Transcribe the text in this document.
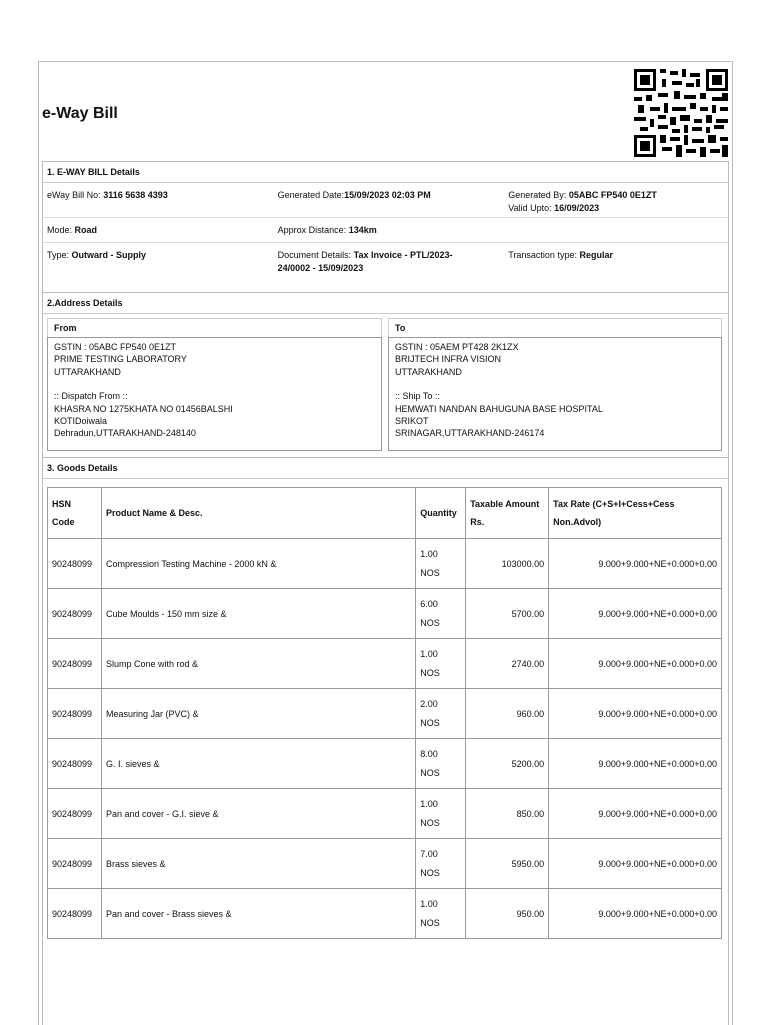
e-Way Bill
1. E-WAY BILL Details
eWay Bill No: 3116 5638 4393	Generated Date:15/09/2023 02:03 PM	Generated By: 05ABC FP540 0E1ZT
Valid Upto: 16/09/2023
Mode: Road	Approx Distance: 134km
Type: Outward - Supply	Document Details: Tax Invoice - PTL/2023-
24/0002 - 15/09/2023
Transaction type: Regular
2.Address Details
From
GSTIN : 05ABC FP540 0E1ZT
PRIME TESTING LABORATORY
UTTARAKHAND
:: Dispatch From ::
KHASRA NO 1275KHATA NO 01456BALSHI
KOTIDoiwala
Dehradun,UTTARAKHAND-248140
To
GSTIN : 05AEM PT428 2K1ZX
BRIJTECH INFRA VISION
UTTARAKHAND
:: Ship To ::
HEMWATI NANDAN BAHUGUNA BASE HOSPITAL
SRIKOT
SRINAGAR,UTTARAKHAND-246174
3. Goods Details
HSN
Code	Product Name & Desc.	Quantity	Taxable Amount
Rs.	Tax Rate (C+S+I+Cess+Cess
Non.Advol)
90248099	Compression Testing Machine - 2000 kN &	1.00
NOS	103000.00	9.000+9.000+NE+0.000+0.00
90248099	Cube Moulds - 150 mm size &	6.00
NOS	5700.00	9.000+9.000+NE+0.000+0.00
90248099	Slump Cone with rod &	1.00
NOS	2740.00	9.000+9.000+NE+0.000+0.00
90248099	Measuring Jar (PVC) &	2.00
NOS	960.00	9.000+9.000+NE+0.000+0.00
90248099	G. I. sieves &	8.00
NOS	5200.00	9.000+9.000+NE+0.000+0.00
90248099	Pan and cover - G.I. sieve &	1.00
NOS	850.00	9.000+9.000+NE+0.000+0.00
90248099	Brass sieves &	7.00
NOS	5950.00	9.000+9.000+NE+0.000+0.00
90248099	Pan and cover - Brass sieves &	1.00
NOS	950.00	9.000+9.000+NE+0.000+0.00
